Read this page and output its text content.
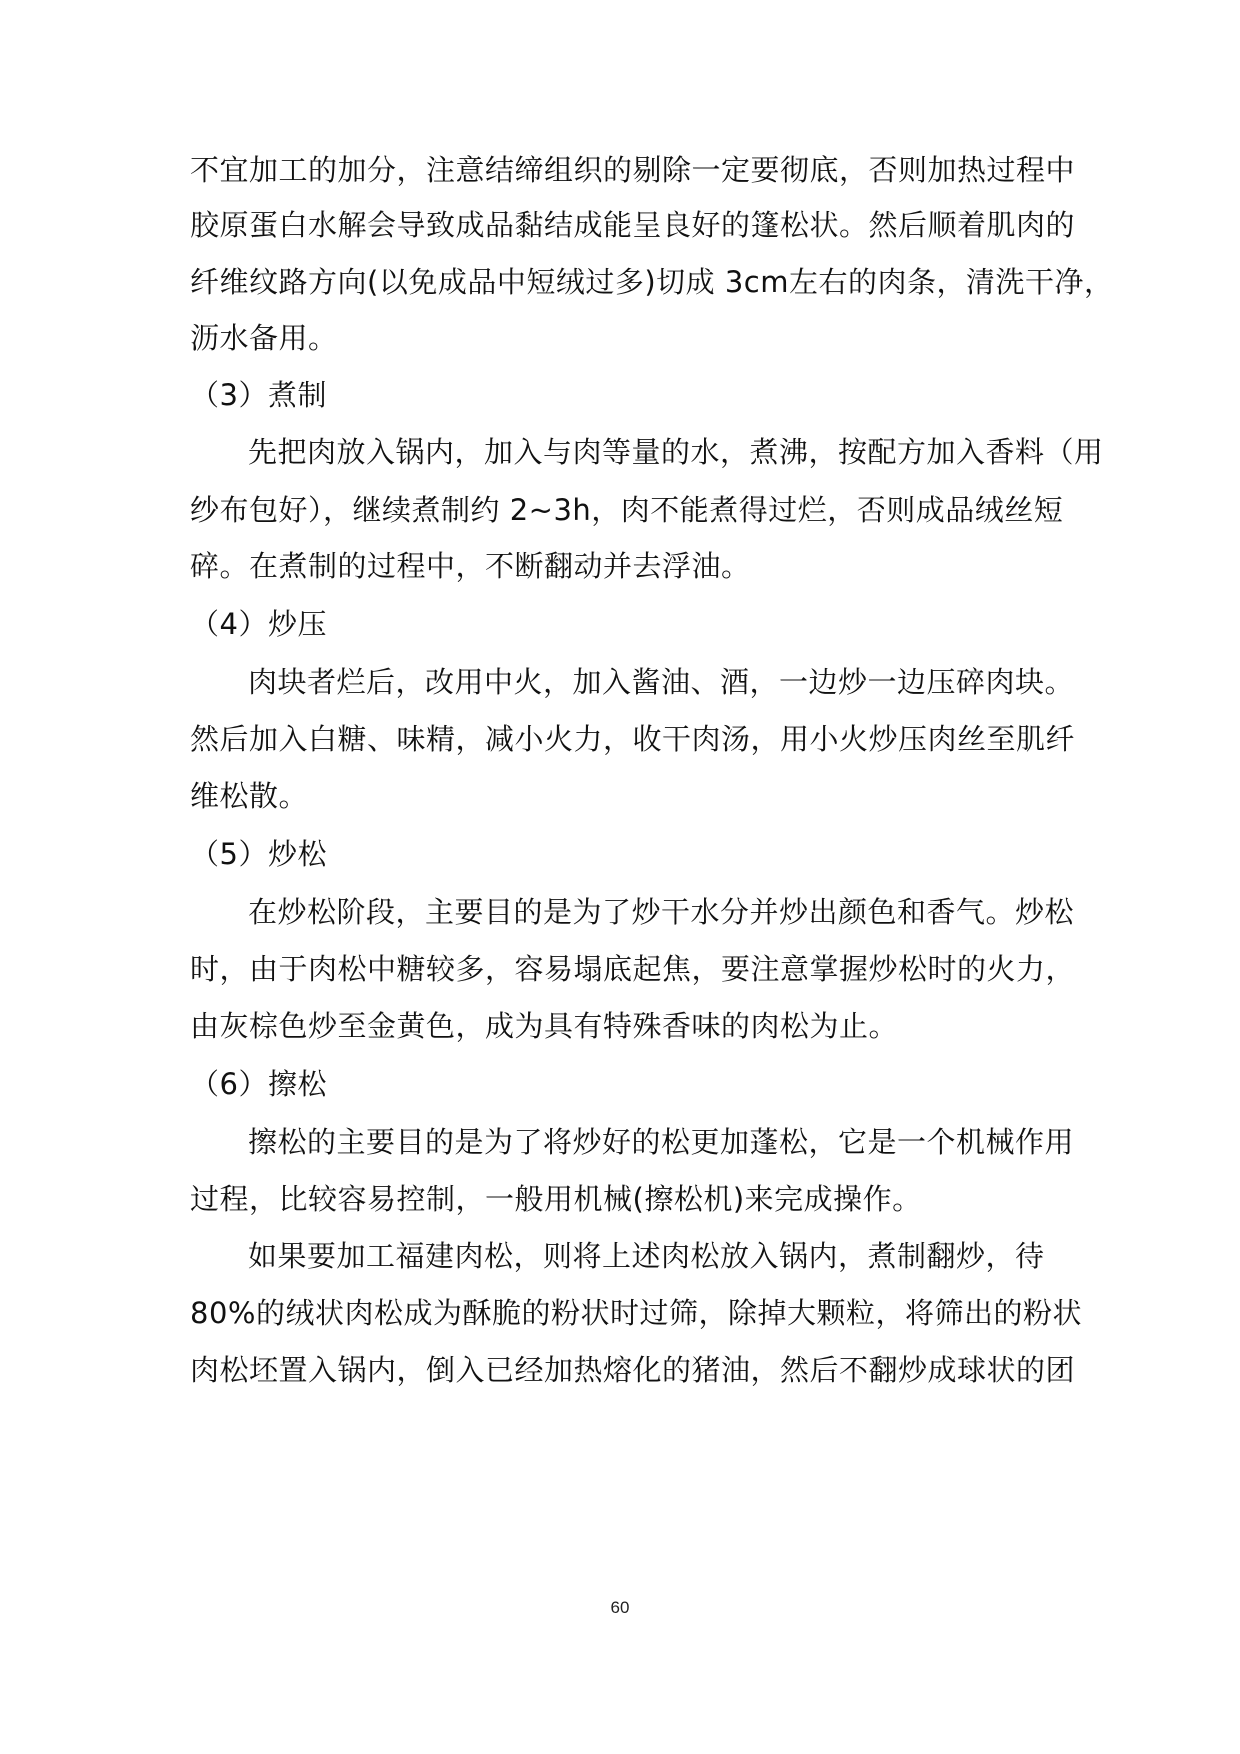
不宜加工的加分，注意结缔组织的剔除一定要彻底，否则加热过程中
胶原蛋白水解会导致成品黏结成能呈良好的篷松状。然后顺着肌肉的
纤维纹路方向(以免成品中短绒过多)切成 3cm左右的肉条，清洗干净，
沥水备用。
（3）煮制
先把肉放入锅内，加入与肉等量的水，煮沸，按配方加入香料（用
纱布包好），继续煮制约 2~3h，肉不能煮得过烂，否则成品绒丝短
碎。在煮制的过程中，不断翻动并去浮油。
（4）炒压
肉块者烂后，改用中火，加入酱油、酒，一边炒一边压碎肉块。
然后加入白糖、味精，减小火力，收干肉汤，用小火炒压肉丝至肌纤
维松散。
（5）炒松
在炒松阶段，主要目的是为了炒干水分并炒出颜色和香气。炒松
时，由于肉松中糖较多，容易塌底起焦，要注意掌握炒松时的火力，
由灰棕色炒至金黄色，成为具有特殊香味的肉松为止。
（6）擦松
擦松的主要目的是为了将炒好的松更加蓬松，它是一个机械作用
过程，比较容易控制，一般用机械(擦松机)来完成操作。
如果要加工福建肉松，则将上述肉松放入锅内，煮制翻炒，待
80%的绒状肉松成为酥脆的粉状时过筛，除掉大颗粒，将筛出的粉状
肉松坯置入锅内，倒入已经加热熔化的猪油，然后不翻炒成球状的团
60
